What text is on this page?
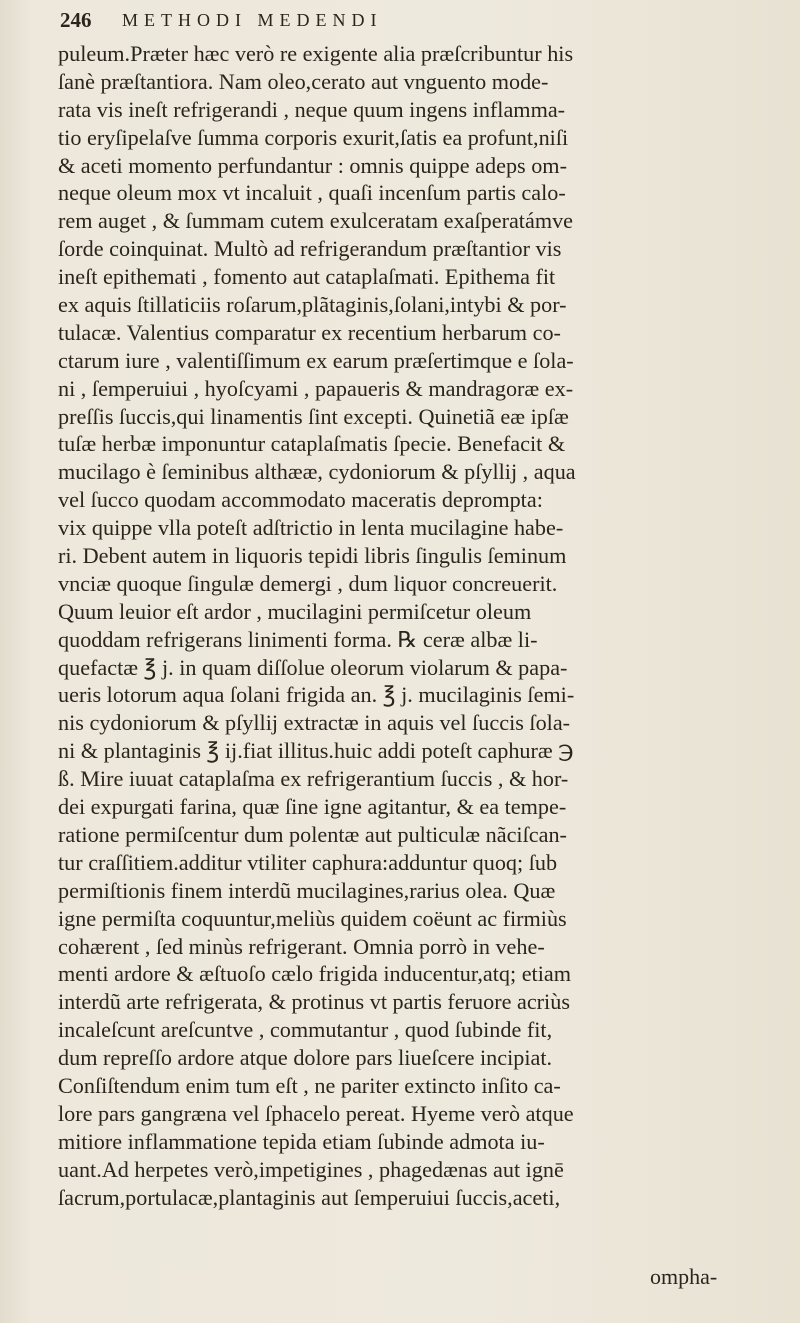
246 METHODI MEDENDI
puleum.Præter hæc verò re exigente alia præſcribuntur his
ſanè præſtantiora. Nam oleo,cerato aut vnguento mode-
rata vis ineſt refrigerandi , neque quum ingens inflamma-
tio eryſipelaſve ſumma corporis exurit,ſatis ea profunt,niſi
& aceti momento perfundantur : omnis quippe adeps om-
neque oleum mox vt incaluit , quaſi incenſum partis calo-
rem auget , & ſummam cutem exulceratam exaſperatámve
ſorde coinquinat. Multò ad refrigerandum præſtantior vis
ineſt epithemati , fomento aut cataplaſmati. Epithema fit
ex aquis ſtillaticiis roſarum,plãtaginis,ſolani,intybi & por-
tulacæ. Valentius comparatur ex recentium herbarum co-
ctarum iure , valentiſſimum ex earum præſertimque e ſola-
ni , ſemperuiui , hyoſcyami , papaueris & mandragoræ ex-
preſſis ſuccis,qui linamentis ſint excepti. Quinetiã eæ ipſæ
tuſæ herbæ imponuntur cataplaſmatis ſpecie. Benefacit &
mucilago è ſeminibus althææ, cydoniorum & pſyllij , aqua
vel ſucco quodam accommodato maceratis deprompta:
vix quippe vlla poteſt adſtrictio in lenta mucilagine habe-
ri. Debent autem in liquoris tepidi libris ſingulis ſeminum
vnciæ quoque ſingulæ demergi , dum liquor concreuerit.
Quum leuior eſt ardor , mucilagini permiſcetur oleum
quoddam refrigerans linimenti forma. ℞ ceræ albæ li-
quefactæ ℥ j. in quam diſſolue oleorum violarum & papa-
ueris lotorum aqua ſolani frigida an. ℥ j. mucilaginis ſemi-
nis cydoniorum & pſyllij extractæ in aquis vel ſuccis ſola-
ni & plantaginis ℥ ij.fiat illitus.huic addi poteſt caphuræ ℈
ß. Mire iuuat cataplaſma ex refrigerantium ſuccis , & hor-
dei expurgati farina, quæ ſine igne agitantur, & ea tempe-
ratione permiſcentur dum polentæ aut pulticulæ nãciſcan-
tur craſſitiem.additur vtiliter caphura:adduntur quoq; ſub
permiſtionis finem interdũ mucilagines,rarius olea. Quæ
igne permiſta coquuntur,meliùs quidem coëunt ac firmiùs
cohærent , ſed minùs refrigerant. Omnia porrò in vehe-
menti ardore & æſtuoſo cælo frigida inducentur,atq; etiam
interdũ arte refrigerata, & protinus vt partis feruore acriùs
incaleſcunt areſcuntve , commutantur , quod ſubinde fit,
dum repreſſo ardore atque dolore pars liueſcere incipiat.
Conſiſtendum enim tum eſt , ne pariter extincto inſito ca-
lore pars gangræna vel ſphacelo pereat. Hyeme verò atque
mitiore inflammatione tepida etiam ſubinde admota iu-
uant.Ad herpetes verò,impetigines , phagedænas aut ignē
ſacrum,portulacæ,plantaginis aut ſemperuiui ſuccis,aceti,
ompha-
